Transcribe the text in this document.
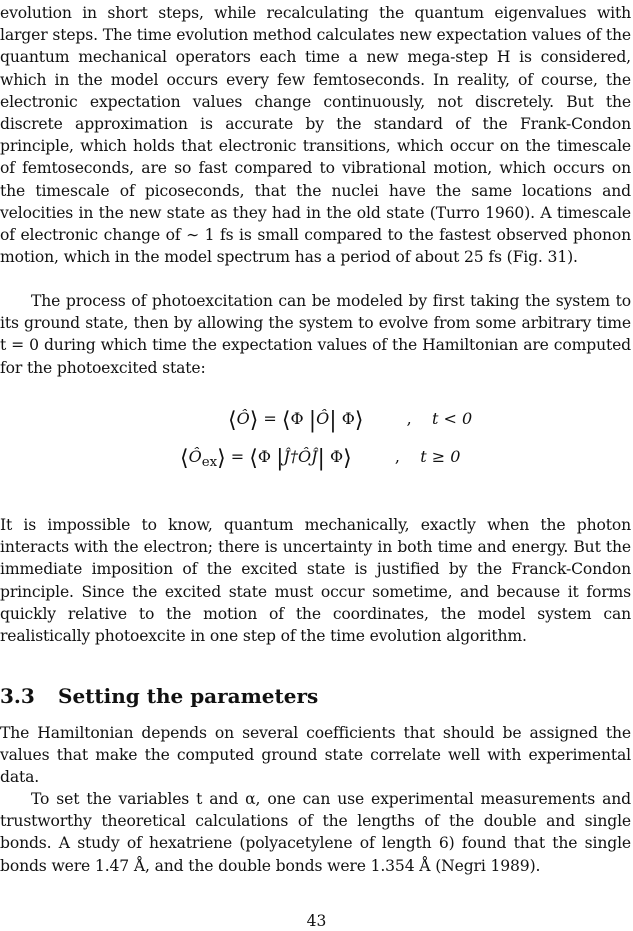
evolution in short steps, while recalculating the quantum eigenvalues with larger steps. The time evolution method calculates new expectation values of the quantum mechanical operators each time a new mega-step H is considered, which in the model occurs every few femtoseconds. In reality, of course, the electronic expectation values change continuously, not discretely. But the discrete approximation is accurate by the standard of the Frank-Condon principle, which holds that electronic transitions, which occur on the timescale of femtoseconds, are so fast compared to vibrational motion, which occurs on the timescale of picoseconds, that the nuclei have the same locations and velocities in the new state as they had in the old state (Turro 1960). A timescale of electronic change of ∼ 1 fs is small compared to the fastest observed phonon motion, which in the model spectrum has a period of about 25 fs (Fig. 31).

The process of photoexcitation can be modeled by first taking the system to its ground state, then by allowing the system to evolve from some arbitrary time t = 0 during which time the expectation values of the Hamiltonian are computed for the photoexcited state:

⟨Ô⟩ = ⟨Φ |Ô| Φ⟩	,    t < 0
$⟨Ô_{ex}⟩$ = ⟨Φ |Ĵ†ÔĴ| Φ⟩	,    t ≥ 0

It is impossible to know, quantum mechanically, exactly when the photon interacts with the electron; there is uncertainty in both time and energy. But the immediate imposition of the excited state is justified by the Franck-Condon principle. Since the excited state must occur sometime, and because it forms quickly relative to the motion of the coordinates, the model system can realistically photoexcite in one step of the time evolution algorithm.

3.3 Setting the parameters

The Hamiltonian depends on several coefficients that should be assigned the values that make the computed ground state correlate well with experimental data.

To set the variables t and α, one can use experimental measurements and trustworthy theoretical calculations of the lengths of the double and single bonds. A study of hexatriene (polyacetylene of length 6) found that the single bonds were 1.47 Å, and the double bonds were 1.354 Å (Negri 1989).

43
